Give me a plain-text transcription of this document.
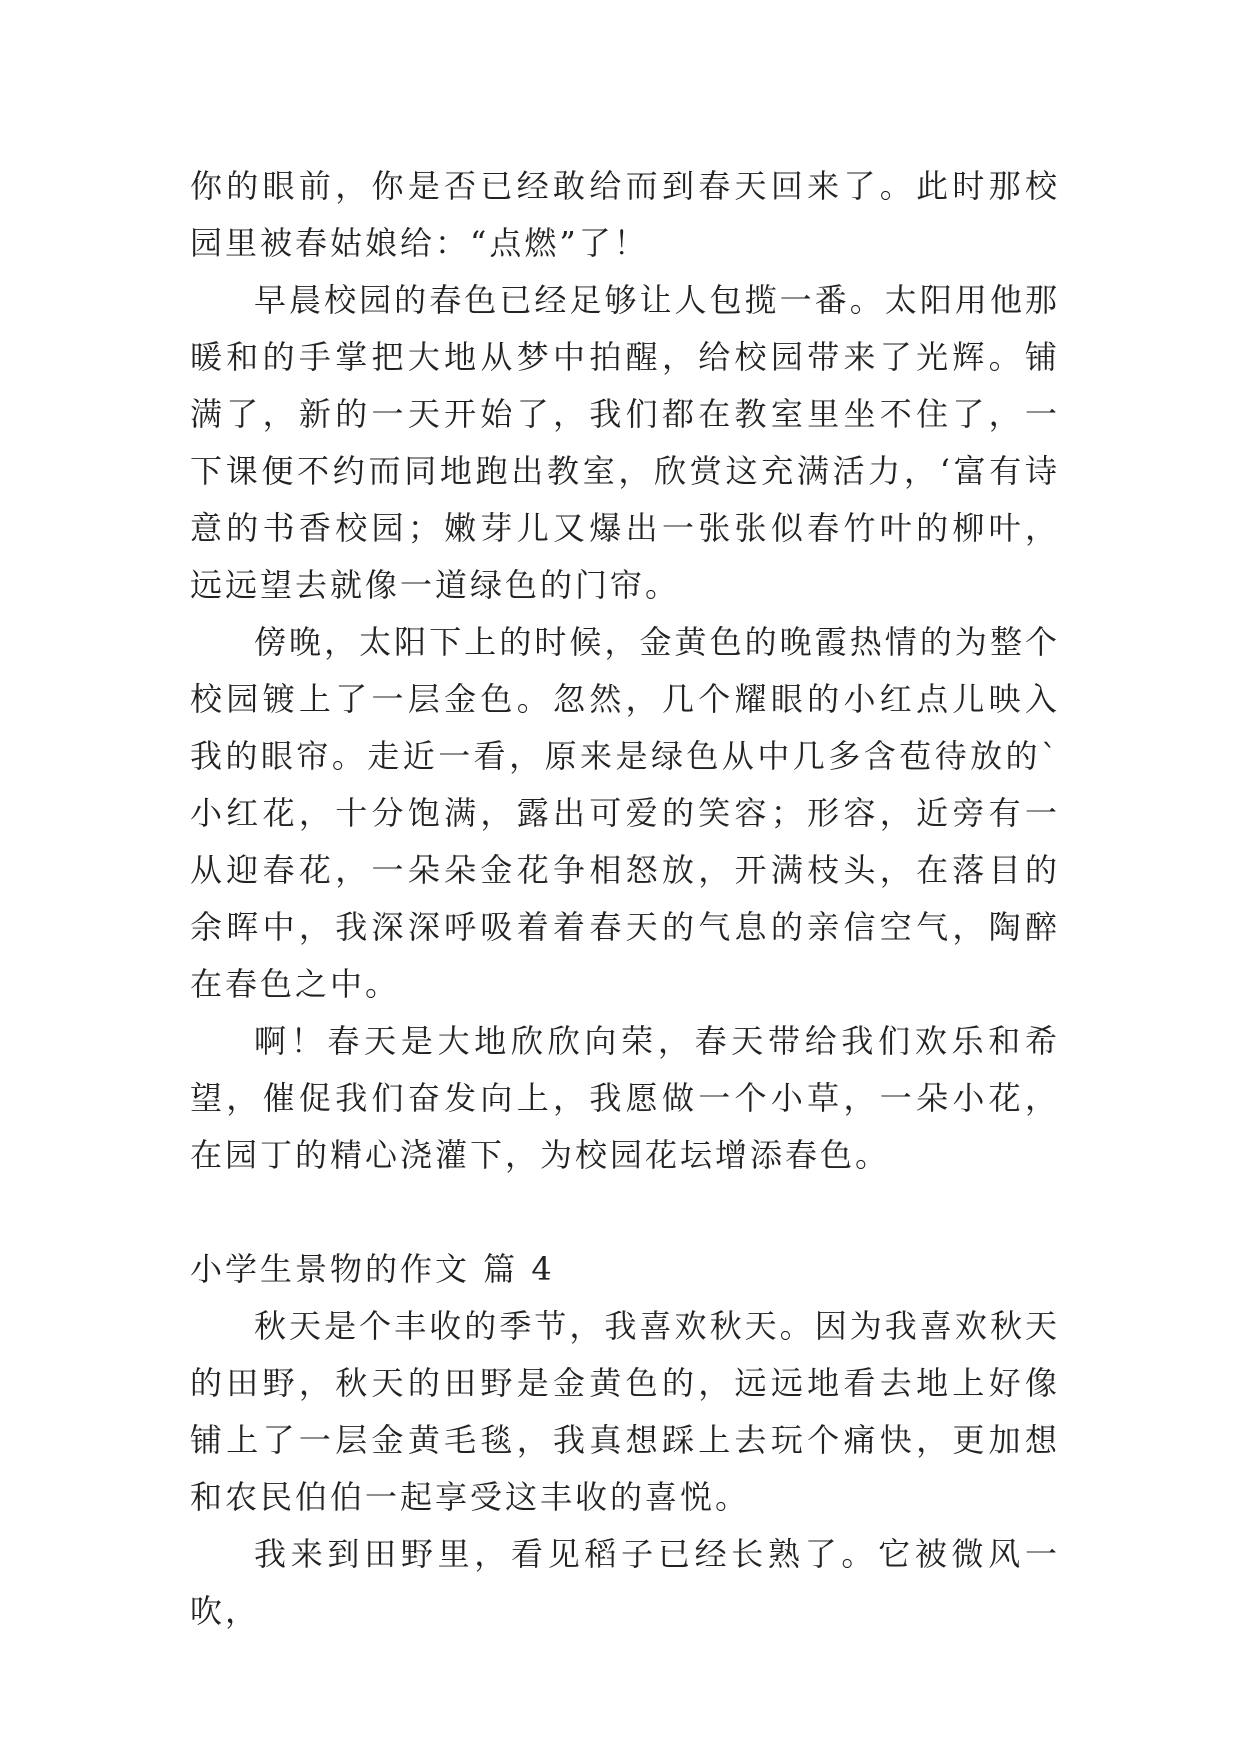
你的眼前，你是否已经敢给而到春天回来了。此时那校园里被春姑娘给：“点燃”了！

早晨校园的春色已经足够让人包揽一番。太阳用他那暖和的手掌把大地从梦中拍醒，给校园带来了光辉。铺满了，新的一天开始了，我们都在教室里坐不住了，一下课便不约而同地跑出教室，欣赏这充满活力，‘富有诗意的书香校园；嫩芽儿又爆出一张张似春竹叶的柳叶，远远望去就像一道绿色的门帘。

傍晚，太阳下上的时候，金黄色的晚霞热情的为整个校园镀上了一层金色。忽然，几个耀眼的小红点儿映入我的眼帘。走近一看，原来是绿色从中几多含苞待放的`小红花，十分饱满，露出可爱的笑容；形容，近旁有一从迎春花，一朵朵金花争相怒放，开满枝头，在落目的余晖中，我深深呼吸着着春天的气息的亲信空气，陶醉在春色之中。

啊！春天是大地欣欣向荣，春天带给我们欢乐和希望，催促我们奋发向上，我愿做一个小草，一朵小花，在园丁的精心浇灌下，为校园花坛增添春色。

小学生景物的作文 篇 4

秋天是个丰收的季节，我喜欢秋天。因为我喜欢秋天的田野，秋天的田野是金黄色的，远远地看去地上好像铺上了一层金黄毛毯，我真想踩上去玩个痛快，更加想和农民伯伯一起享受这丰收的喜悦。

我来到田野里，看见稻子已经长熟了。它被微风一吹，
